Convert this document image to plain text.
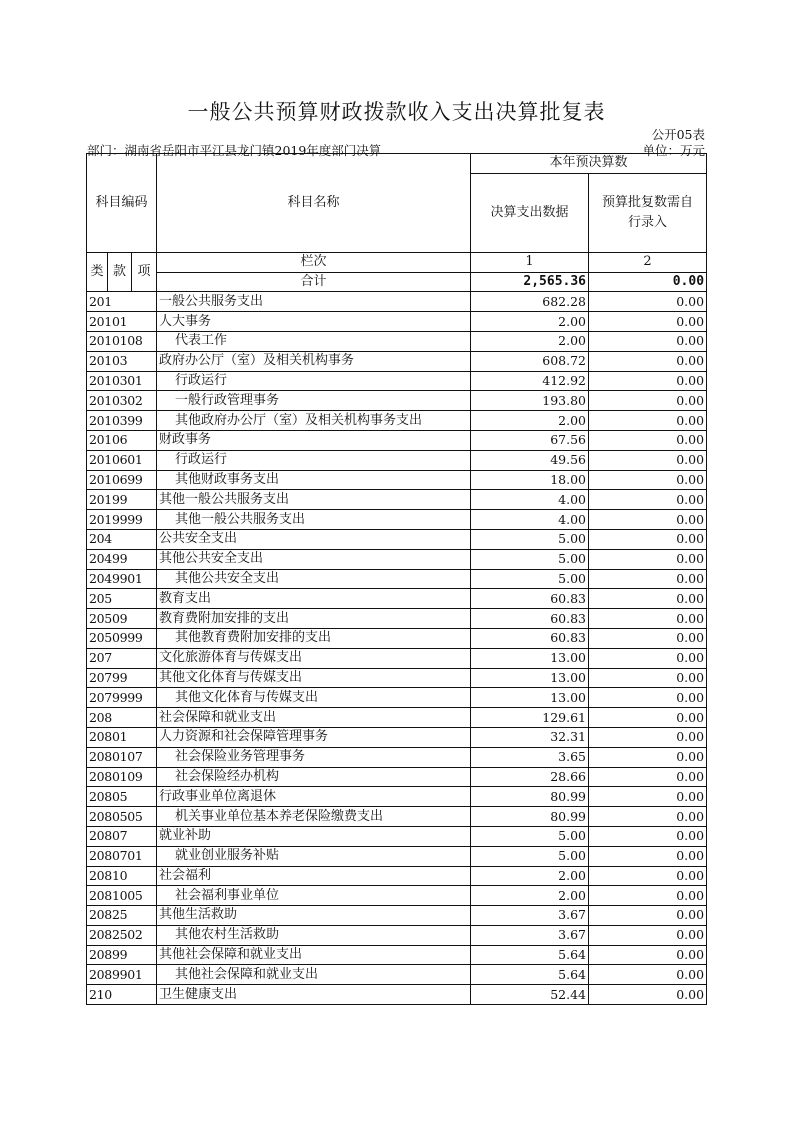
一般公共预算财政拨款收入支出决算批复表
公开05表
部门：湖南省岳阳市平江县龙门镇2019年度部门决算	单位：万元
科目编码			科目名称	本年预决算数	
				决算支出数据	预算批复数需自行录入
类	款	项	栏次	1	2
			合计	2,565.36	0.00
201			一般公共服务支出	682.28	0.00
20101			人大事务	2.00	0.00
2010108			代表工作	2.00	0.00
20103			政府办公厅（室）及相关机构事务	608.72	0.00
2010301			行政运行	412.92	0.00
2010302			一般行政管理事务	193.80	0.00
2010399			其他政府办公厅（室）及相关机构事务支出	2.00	0.00
20106			财政事务	67.56	0.00
2010601			行政运行	49.56	0.00
2010699			其他财政事务支出	18.00	0.00
20199			其他一般公共服务支出	4.00	0.00
2019999			其他一般公共服务支出	4.00	0.00
204			公共安全支出	5.00	0.00
20499			其他公共安全支出	5.00	0.00
2049901			其他公共安全支出	5.00	0.00
205			教育支出	60.83	0.00
20509			教育费附加安排的支出	60.83	0.00
2050999			其他教育费附加安排的支出	60.83	0.00
207			文化旅游体育与传媒支出	13.00	0.00
20799			其他文化体育与传媒支出	13.00	0.00
2079999			其他文化体育与传媒支出	13.00	0.00
208			社会保障和就业支出	129.61	0.00
20801			人力资源和社会保障管理事务	32.31	0.00
2080107			社会保险业务管理事务	3.65	0.00
2080109			社会保险经办机构	28.66	0.00
20805			行政事业单位离退休	80.99	0.00
2080505			机关事业单位基本养老保险缴费支出	80.99	0.00
20807			就业补助	5.00	0.00
2080701			就业创业服务补贴	5.00	0.00
20810			社会福利	2.00	0.00
2081005			社会福利事业单位	2.00	0.00
20825			其他生活救助	3.67	0.00
2082502			其他农村生活救助	3.67	0.00
20899			其他社会保障和就业支出	5.64	0.00
2089901			其他社会保障和就业支出	5.64	0.00
210			卫生健康支出	52.44	0.00
